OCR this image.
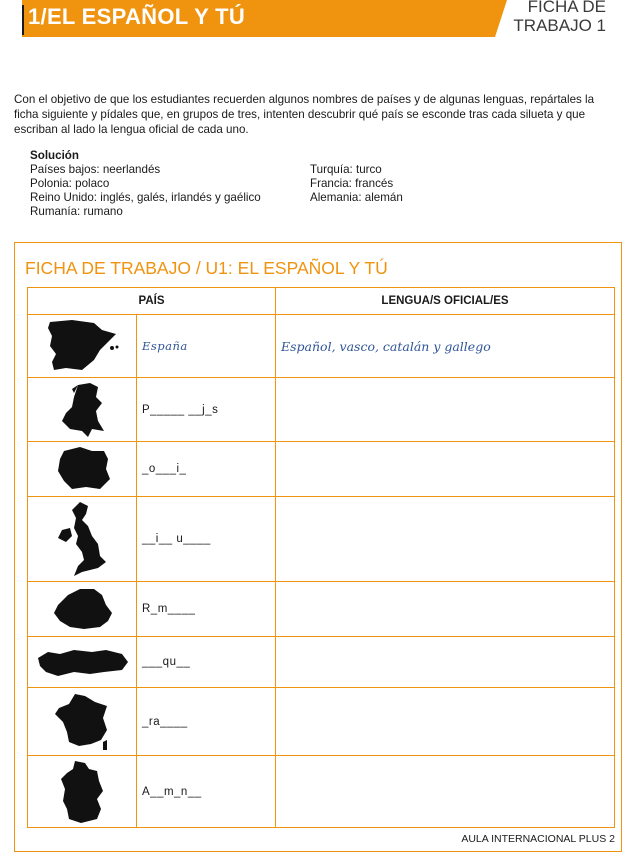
1/EL ESPAÑOL Y TÚ	FICHA DE
TRABAJO 1
Con el objetivo de que los estudiantes recuerden algunos nombres de países y de algunas lenguas, repártales la ficha siguiente y pídales que, en grupos de tres, intenten descubrir qué país se esconde tras cada silueta y que escriban al lado la lengua oficial de cada uno.
Solución
Países bajos: neerlandés
Polonia: polaco
Reino Unido: inglés, galés, irlandés y gaélico
Rumanía: rumano
Turquía: turco
Francia: francés
Alemania: alemán
FICHA DE TRABAJO / U1: EL ESPAÑOL Y TÚ
PAÍS		LENGUA/S OFICIAL/ES

	España	Español, vasco, catalán y gallego

	P_____ __j_s	

	_o___i_	

	__i__ u____	

	R_m____	

	___qu__	

	_ra____	

	A__m_n__	
AULA INTERNACIONAL PLUS 2
